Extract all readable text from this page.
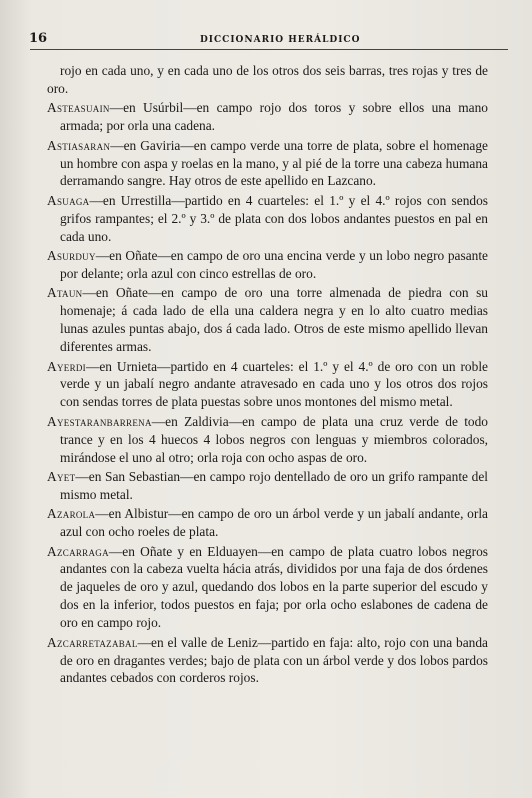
16	DICCIONARIO HERÁLDICO

rojo en cada uno, y en cada uno de los otros dos seis barras, tres rojas y tres de oro.

Asteasuain—en Usúrbil—en campo rojo dos toros y sobre ellos una mano armada; por orla una cadena.

Astiasaran—en Gaviria—en campo verde una torre de plata, sobre el homenage un hombre con aspa y roelas en la mano, y al pié de la torre una cabeza humana derramando sangre. Hay otros de este apellido en Lazcano.

Asuaga—en Urrestilla—partido en 4 cuarteles: el 1.º y el 4.º rojos con sendos grifos rampantes; el 2.º y 3.º de plata con dos lobos andantes puestos en pal en cada uno.

Asurduy—en Oñate—en campo de oro una encina verde y un lobo negro pasante por delante; orla azul con cinco estrellas de oro.

Ataun—en Oñate—en campo de oro una torre almenada de piedra con su homenaje; á cada lado de ella una caldera negra y en lo alto cuatro medias lunas azules puntas abajo, dos á cada lado. Otros de este mismo apellido llevan diferentes armas.

Ayerdi—en Urnieta—partido en 4 cuarteles: el 1.º y el 4.º de oro con un roble verde y un jabalí negro andante atravesado en cada uno y los otros dos rojos con sendas torres de plata puestas sobre unos montones del mismo metal.

Ayestaranbarrena—en Zaldivia—en campo de plata una cruz verde de todo trance y en los 4 huecos 4 lobos negros con lenguas y miembros colorados, mirándose el uno al otro; orla roja con ocho aspas de oro.

Ayet—en San Sebastian—en campo rojo dentellado de oro un grifo rampante del mismo metal.

Azarola—en Albistur—en campo de oro un árbol verde y un jabalí andante, orla azul con ocho roeles de plata.

Azcarraga—en Oñate y en Elduayen—en campo de plata cuatro lobos negros andantes con la cabeza vuelta hácia atrás, divididos por una faja de dos órdenes de jaqueles de oro y azul, quedando dos lobos en la parte superior del escudo y dos en la inferior, todos puestos en faja; por orla ocho eslabones de cadena de oro en campo rojo.

Azcarretazabal—en el valle de Leniz—partido en faja: alto, rojo con una banda de oro en dragantes verdes; bajo de plata con un árbol verde y dos lobos pardos andantes cebados con corderos rojos.
